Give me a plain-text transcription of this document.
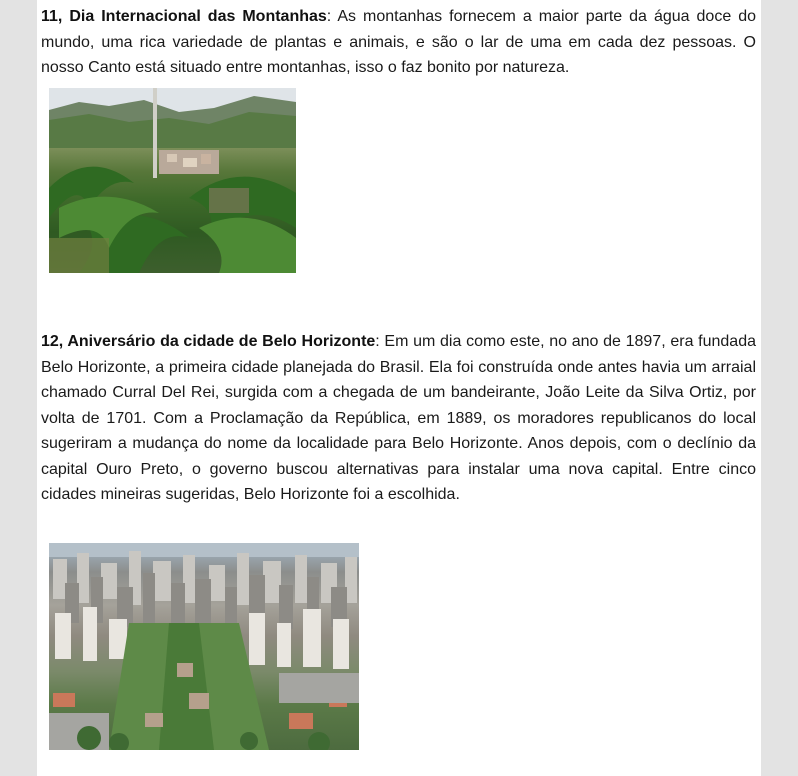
11, Dia Internacional das Montanhas: As montanhas fornecem a maior parte da água doce do mundo, uma rica variedade de plantas e animais, e são o lar de uma em cada dez pessoas. O nosso Canto está situado entre montanhas, isso o faz bonito por natureza.

12, Aniversário da cidade de Belo Horizonte: Em um dia como este, no ano de 1897, era fundada Belo Horizonte, a primeira cidade planejada do Brasil. Ela foi construída onde antes havia um arraial chamado Curral Del Rei, surgida com a chegada de um bandeirante, João Leite da Silva Ortiz, por volta de 1701. Com a Proclamação da República, em 1889, os moradores republicanos do local sugeriram a mudança do nome da localidade para Belo Horizonte. Anos depois, com o declínio da capital Ouro Preto, o governo buscou alternativas para instalar uma nova capital. Entre cinco cidades mineiras sugeridas, Belo Horizonte foi a escolhida.
